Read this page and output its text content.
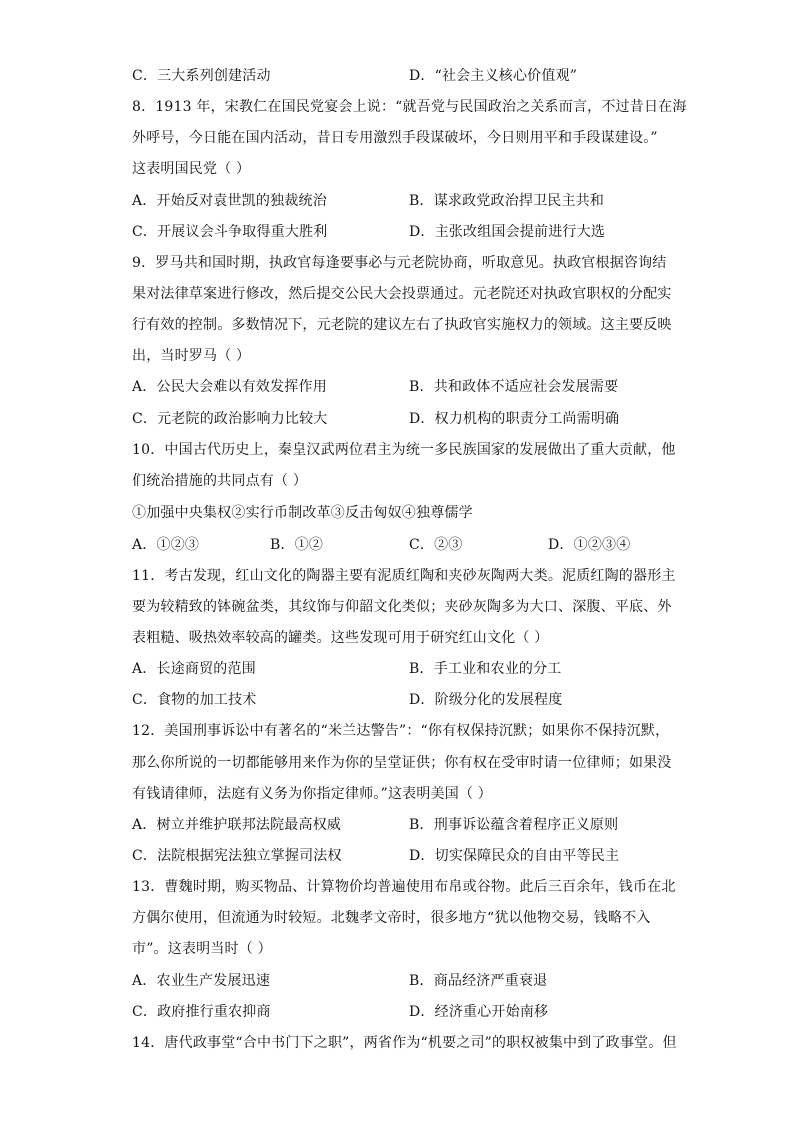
C．三大系列创建活动	D．“社会主义核心价值观”
8．1913 年，宋教仁在国民党宴会上说：“就吾党与民国政治之关系而言，不过昔日在海
外呼号，今日能在国内活动，昔日专用激烈手段谋破坏，今日则用平和手段谋建设。”
这表明国民党（ ）
A．开始反对袁世凯的独裁统治	B．谋求政党政治捍卫民主共和
C．开展议会斗争取得重大胜利	D．主张改组国会提前进行大选
9．罗马共和国时期，执政官每逢要事必与元老院协商，听取意见。执政官根据咨询结
果对法律草案进行修改，然后提交公民大会投票通过。元老院还对执政官职权的分配实
行有效的控制。多数情况下，元老院的建议左右了执政官实施权力的领域。这主要反映
出，当时罗马（ ）
A．公民大会难以有效发挥作用	B．共和政体不适应社会发展需要
C．元老院的政治影响力比较大	D．权力机构的职责分工尚需明确
10．中国古代历史上，秦皇汉武两位君主为统一多民族国家的发展做出了重大贡献，他
们统治措施的共同点有（ ）
①加强中央集权②实行币制改革③反击匈奴④独尊儒学
A．①②③	B．①②	C．②③	D．①②③④
11．考古发现，红山文化的陶器主要有泥质红陶和夹砂灰陶两大类。泥质红陶的器形主
要为较精致的钵碗盆类，其纹饰与仰韶文化类似；夹砂灰陶多为大口、深腹、平底、外
表粗糙、吸热效率较高的罐类。这些发现可用于研究红山文化（ ）
A．长途商贸的范围	B．手工业和农业的分工
C．食物的加工技术	D．阶级分化的发展程度
12．美国刑事诉讼中有著名的“米兰达警告”：“你有权保持沉默；如果你不保持沉默，
那么你所说的一切都能够用来作为你的呈堂证供；你有权在受审时请一位律师；如果没
有钱请律师，法庭有义务为你指定律师。”这表明美国（ ）
A．树立并维护联邦法院最高权威	B．刑事诉讼蕴含着程序正义原则
C．法院根据宪法独立掌握司法权	D．切实保障民众的自由平等民主
13．曹魏时期，购买物品、计算物价均普遍使用布帛或谷物。此后三百余年，钱币在北
方偶尔使用，但流通为时较短。北魏孝文帝时，很多地方“犹以他物交易，钱略不入
市”。这表明当时（ ）
A．农业生产发展迅速	B．商品经济严重衰退
C．政府推行重农抑商	D．经济重心开始南移
14．唐代政事堂“合中书门下之职”，两省作为“机要之司”的职权被集中到了政事堂。但
